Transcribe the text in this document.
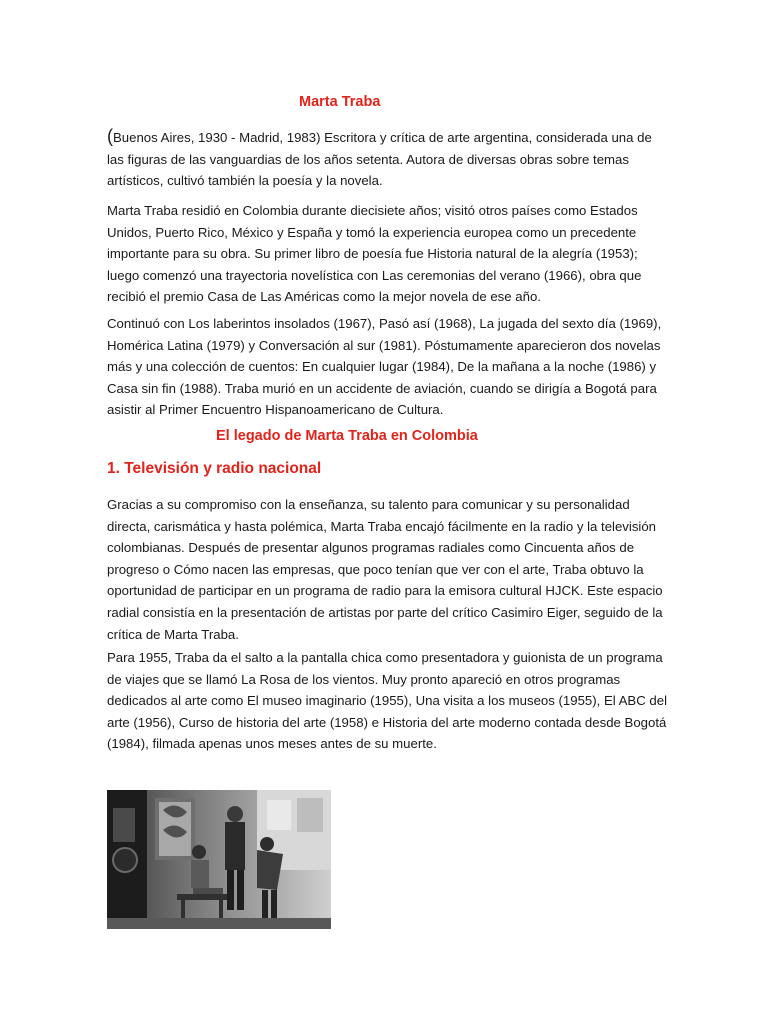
Marta Traba

(Buenos Aires, 1930 - Madrid, 1983) Escritora y crítica de arte argentina, considerada una de las figuras de las vanguardias de los años setenta. Autora de diversas obras sobre temas artísticos, cultivó también la poesía y la novela.

Marta Traba residió en Colombia durante diecisiete años; visitó otros países como Estados Unidos, Puerto Rico, México y España y tomó la experiencia europea como un precedente importante para su obra. Su primer libro de poesía fue Historia natural de la alegría (1953); luego comenzó una trayectoria novelística con Las ceremonias del verano (1966), obra que recibió el premio Casa de Las Américas como la mejor novela de ese año.

Continuó con Los laberintos insolados (1967), Pasó así (1968), La jugada del sexto día (1969), Homérica Latina (1979) y Conversación al sur (1981). Póstumamente aparecieron dos novelas más y una colección de cuentos: En cualquier lugar (1984), De la mañana a la noche (1986) y Casa sin fin (1988). Traba murió en un accidente de aviación, cuando se dirigía a Bogotá para asistir al Primer Encuentro Hispanoamericano de Cultura.

El legado de Marta Traba en Colombia
1. Televisión y radio nacional

Gracias a su compromiso con la enseñanza, su talento para comunicar y su personalidad directa, carismática y hasta polémica, Marta Traba encajó fácilmente en la radio y la televisión colombianas. Después de presentar algunos programas radiales como Cincuenta años de progreso o Cómo nacen las empresas, que poco tenían que ver con el arte, Traba obtuvo la oportunidad de participar en un programa de radio para la emisora cultural HJCK. Este espacio radial consistía en la presentación de artistas por parte del crítico Casimiro Eiger, seguido de la crítica de Marta Traba.

Para 1955, Traba da el salto a la pantalla chica como presentadora y guionista de un programa de viajes que se llamó La Rosa de los vientos. Muy pronto apareció en otros programas dedicados al arte como El museo imaginario (1955), Una visita a los museos (1955), El ABC del arte (1956), Curso de historia del arte (1958) e Historia del arte moderno contada desde Bogotá (1984), filmada apenas unos meses antes de su muerte.
